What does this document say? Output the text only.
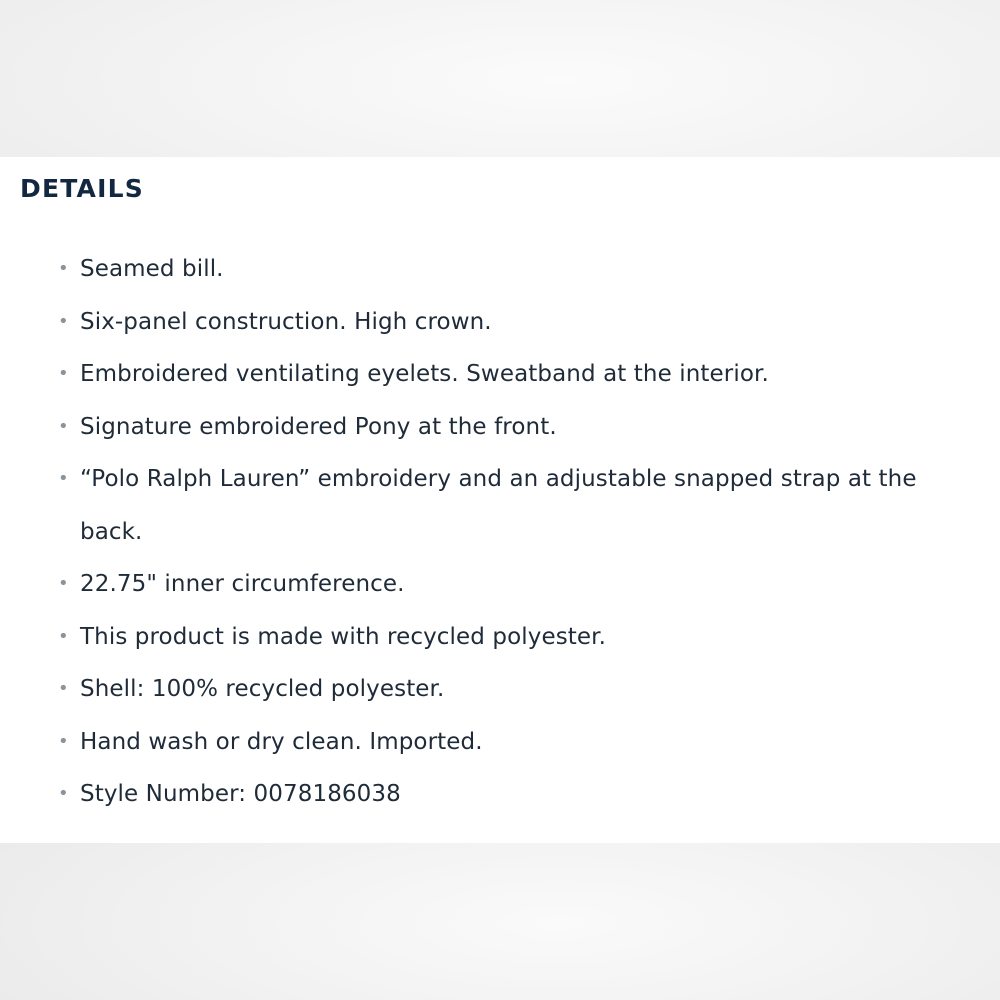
DETAILS
• Seamed bill.
• Six-panel construction. High crown.
• Embroidered ventilating eyelets. Sweatband at the interior.
• Signature embroidered Pony at the front.
• “Polo Ralph Lauren” embroidery and an adjustable snapped strap at the back.
• 22.75" inner circumference.
• This product is made with recycled polyester.
• Shell: 100% recycled polyester.
• Hand wash or dry clean. Imported.
• Style Number: 0078186038
